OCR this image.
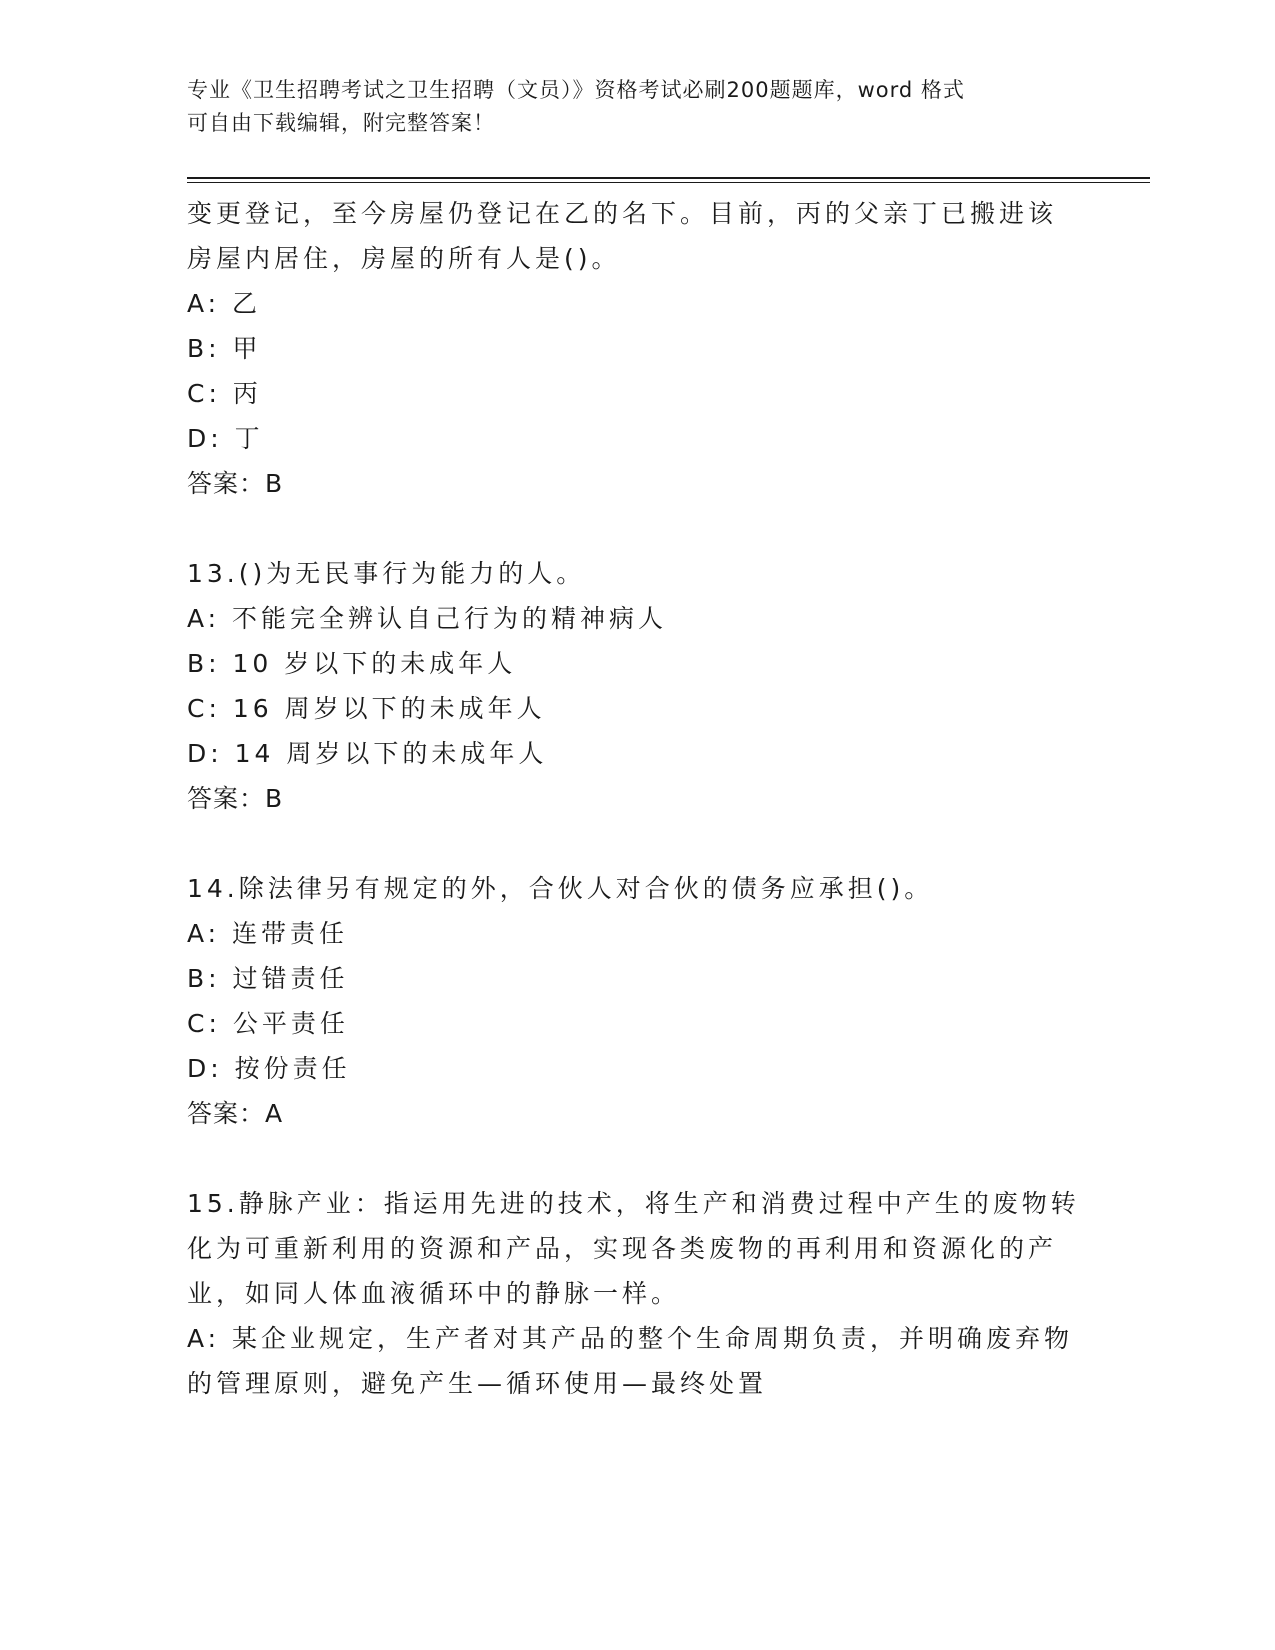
专业《卫生招聘考试之卫生招聘（文员）》资格考试必刷200题题库，word 格式
可自由下载编辑，附完整答案！
变更登记，至今房屋仍登记在乙的名下。目前，丙的父亲丁已搬进该
房屋内居住，房屋的所有人是()。
A: 乙
B: 甲
C: 丙
D: 丁
答案：B
13.()为无民事行为能力的人。
A: 不能完全辨认自己行为的精神病人
B: 10 岁以下的未成年人
C: 16 周岁以下的未成年人
D: 14 周岁以下的未成年人
答案：B
14.除法律另有规定的外，合伙人对合伙的债务应承担()。
A: 连带责任
B: 过错责任
C: 公平责任
D: 按份责任
答案：A
15.静脉产业：指运用先进的技术，将生产和消费过程中产生的废物转
化为可重新利用的资源和产品，实现各类废物的再利用和资源化的产
业，如同人体血液循环中的静脉一样。
A: 某企业规定，生产者对其产品的整个生命周期负责，并明确废弃物
的管理原则，避免产生—循环使用—最终处置
